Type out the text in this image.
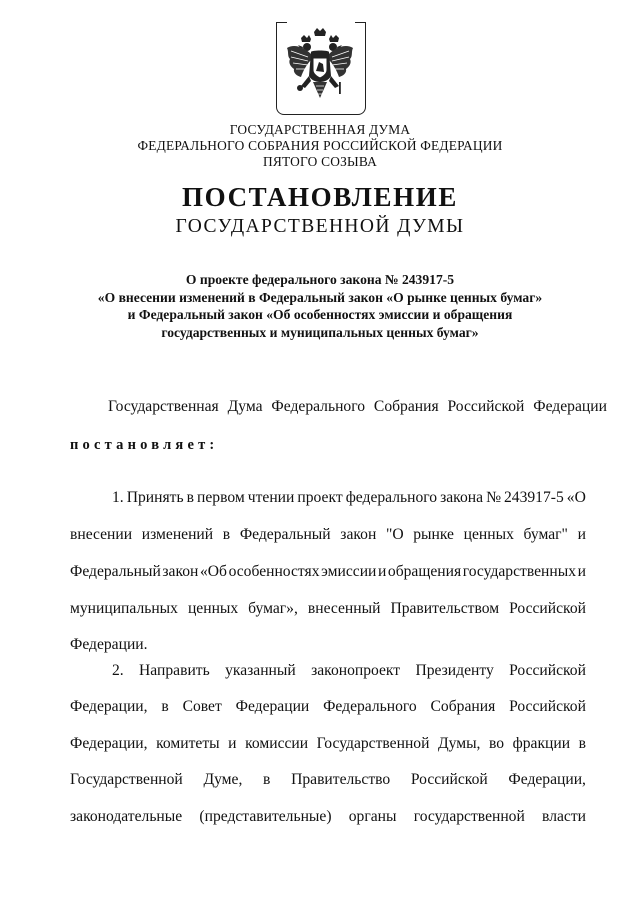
ГОСУДАРСТВЕННАЯ ДУМА
ФЕДЕРАЛЬНОГО СОБРАНИЯ РОССИЙСКОЙ ФЕДЕРАЦИИ
ПЯТОГО СОЗЫВА
ПОСТАНОВЛЕНИЕ
ГОСУДАРСТВЕННОЙ ДУМЫ
О проекте федерального закона № 243917-5
«О внесении изменений в Федеральный закон «О рынке ценных бумаг»
и Федеральный закон «Об особенностях эмиссии и обращения
государственных и муниципальных ценных бумаг»
Государственная Дума Федерального Собрания Российской Федерации
постановляет:
1. Принять в первом чтении проект федерального закона № 243917-5 «О
внесении изменений в Федеральный закон "О рынке ценных бумаг" и
Федеральный закон «Об особенностях эмиссии и обращения государственных и
муниципальных ценных бумаг», внесенный Правительством Российской
Федерации.
2. Направить указанный законопроект Президенту Российской
Федерации, в Совет Федерации Федерального Собрания Российской
Федерации, комитеты и комиссии Государственной Думы, во фракции в
Государственной Думе, в Правительство Российской Федерации,
законодательные (представительные) органы государственной власти
